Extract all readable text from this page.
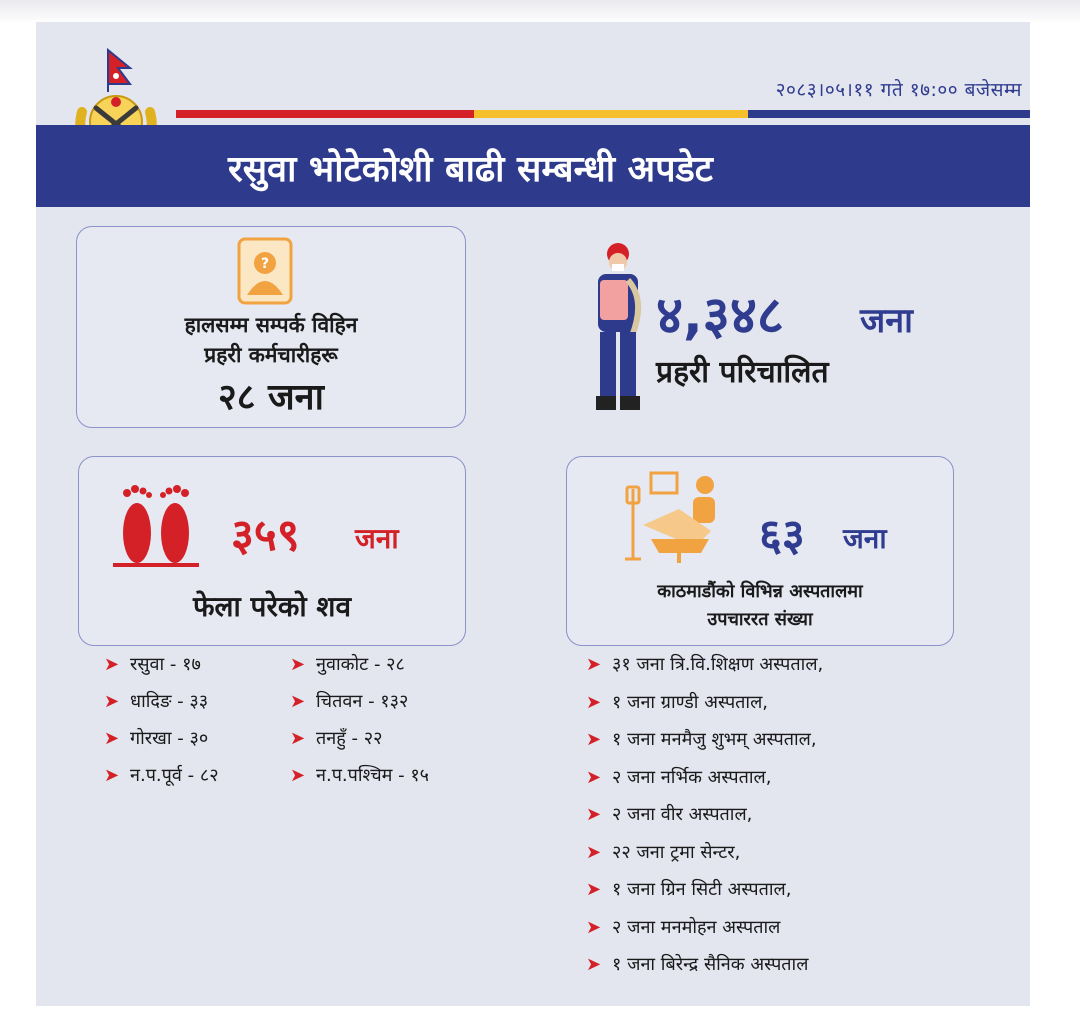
२०८३।०५।११ गते १७:०० बजेसम्म
रसुवा भोटेकोशी बाढी सम्बन्धी अपडेट
?
हालसम्म सम्पर्क विहिन
प्रहरी कर्मचारीहरू
२८ जना
४,३४८ जना
प्रहरी परिचालित
३५९ जना
फेला परेको शव
६३ जना
काठमाडौंको विभिन्न अस्पतालमा
उपचाररत संख्या
➤ रसुवा - १७
➤ धादिङ - ३३
➤ गोरखा - ३०
➤ न.प.पूर्व - ८२
➤ नुवाकोट - २८
➤ चितवन - १३२
➤ तनहुँ - २२
➤ न.प.पश्चिम - १५
➤ ३१ जना त्रि.वि.शिक्षण अस्पताल,
➤ १ जना ग्राण्डी अस्पताल,
➤ १ जना मनमैजु शुभम् अस्पताल,
➤ २ जना नर्भिक अस्पताल,
➤ २ जना वीर अस्पताल,
➤ २२ जना ट्रमा सेन्टर,
➤ १ जना ग्रिन सिटी अस्पताल,
➤ २ जना मनमोहन अस्पताल
➤ १ जना बिरेन्द्र सैनिक अस्पताल
